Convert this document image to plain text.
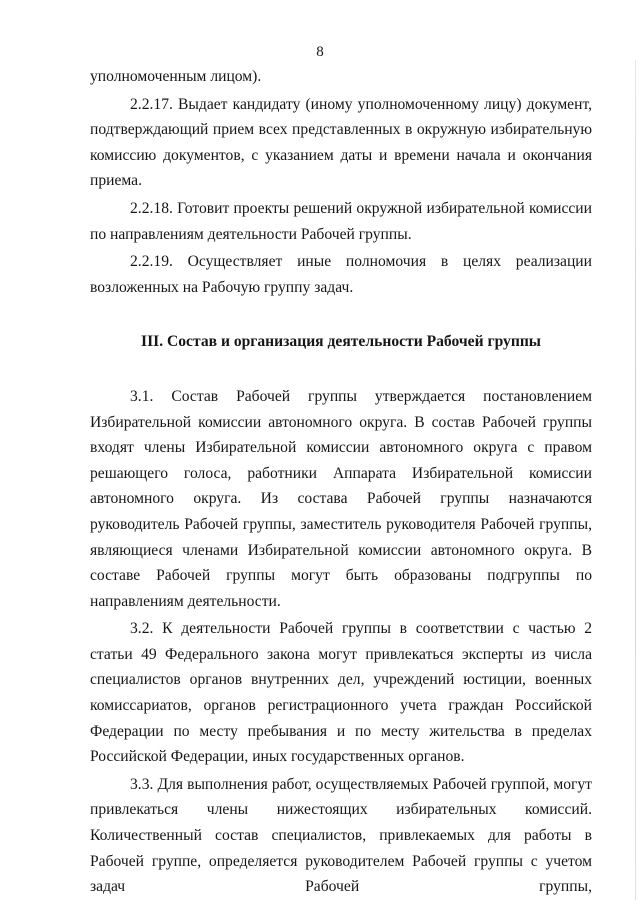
8

уполномоченным лицом).

2.2.17. Выдает кандидату (иному уполномоченному лицу) документ, подтверждающий прием всех представленных в окружную избирательную комиссию документов, с указанием даты и времени начала и окончания приема.

2.2.18. Готовит проекты решений окружной избирательной комиссии по направлениям деятельности Рабочей группы.

2.2.19. Осуществляет иные полномочия в целях реализации возложенных на Рабочую группу задач.

III. Состав и организация деятельности Рабочей группы

3.1. Состав Рабочей группы утверждается постановлением Избирательной комиссии автономного округа. В состав Рабочей группы входят члены Избирательной комиссии автономного округа с правом решающего голоса, работники Аппарата Избирательной комиссии автономного округа. Из состава Рабочей группы назначаются руководитель Рабочей группы, заместитель руководителя Рабочей группы, являющиеся членами Избирательной комиссии автономного округа. В составе Рабочей группы могут быть образованы подгруппы по направлениям деятельности.

3.2. К деятельности Рабочей группы в соответствии с частью 2 статьи 49 Федерального закона могут привлекаться эксперты из числа специалистов органов внутренних дел, учреждений юстиции, военных комиссариатов, органов регистрационного учета граждан Российской Федерации по месту пребывания и по месту жительства в пределах Российской Федерации, иных государственных органов.

3.3. Для выполнения работ, осуществляемых Рабочей группой, могут привлекаться члены нижестоящих избирательных комиссий. Количественный состав специалистов, привлекаемых для работы в Рабочей группе, определяется руководителем Рабочей группы с учетом задач Рабочей группы,
